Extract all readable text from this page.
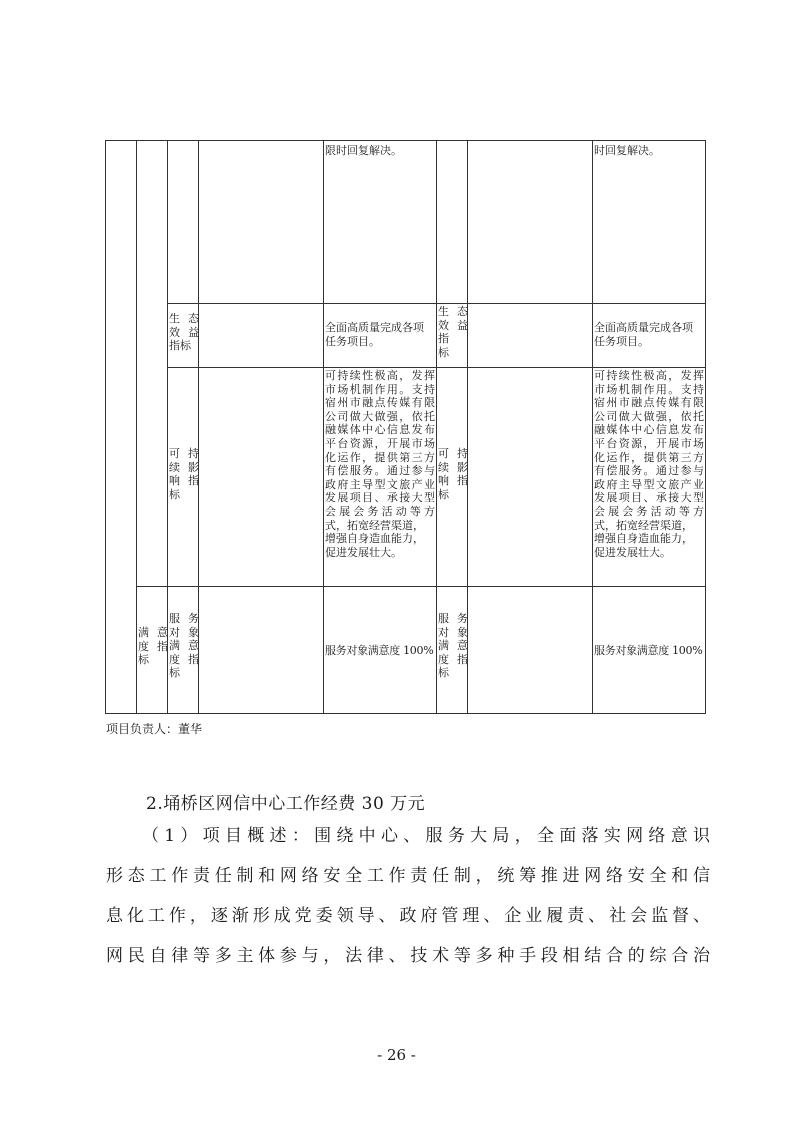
限时回复解决。	时回复解决。
生 态
效 益
指标
全面高质量完成各项
任务项目。
生 态
效 益
指
标
全面高质量完成各项
任务项目。
可 持
续 影
响 指
标
可持续性极高，发挥
市场机制作用。支持
宿州市融点传媒有限
公司做大做强，依托
融媒体中心信息发布
平台资源，开展市场
化运作，提供第三方
有偿服务。通过参与
政府主导型文旅产业
发展项目、承接大型
会展会务活动等方
式，拓宽经营渠道，
增强自身造血能力，
促进发展壮大。
可 持
续 影
响 指
标
可持续性极高，发挥
市场机制作用。支持
宿州市融点传媒有限
公司做大做强，依托
融媒体中心信息发布
平台资源，开展市场
化运作，提供第三方
有偿服务。通过参与
政府主导型文旅产业
发展项目、承接大型
会展会务活动等方
式，拓宽经营渠道，
增强自身造血能力，
促进发展壮大。
满 意
度 指
标
服 务
对 象
满 意
度 指
标
服务对象满意度 100%
服 务
对 象
满 意
度 指
标
服务对象满意度 100%
项目负责人：董华
2.埇桥区网信中心工作经费 30 万元
（1）项目概述：围绕中心、服务大局，全面落实网络意识
形态工作责任制和网络安全工作责任制，统筹推进网络安全和信
息化工作，逐渐形成党委领导、政府管理、企业履责、社会监督、
网民自律等多主体参与，法律、技术等多种手段相结合的综合治
- 26 -
